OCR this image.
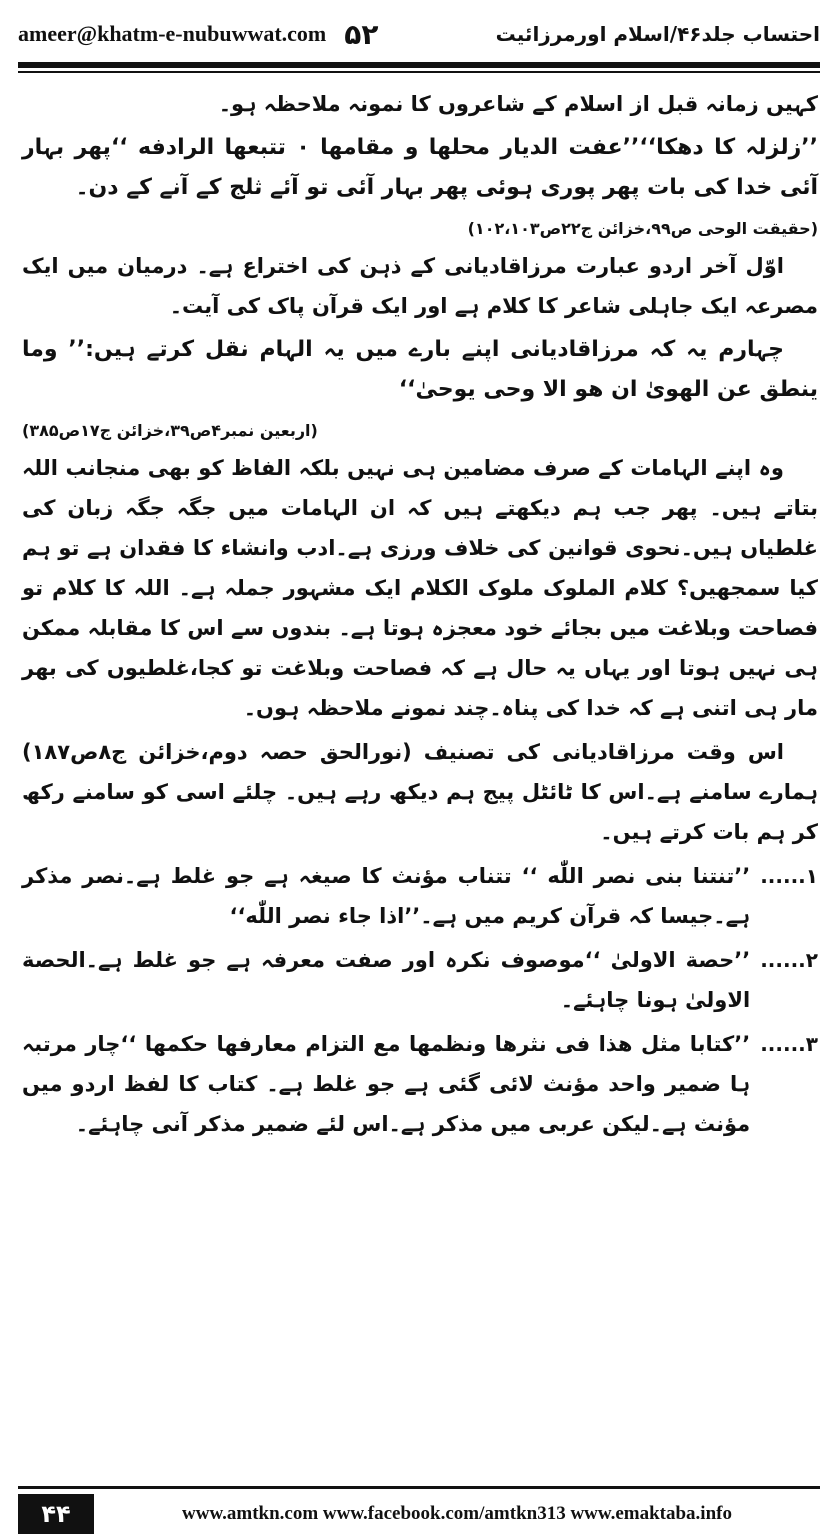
ameer@khatm-e-nubuwwat.com ۵۲	احتساب جلد۴۶/اسلام اورمرزائیت

کہیں زمانہ قبل از اسلام کے شاعروں کا نمونہ ملاحظہ ہو۔

’’زلزلہ کا دھکا‘‘’’عفت الدیار محلها و مقامها ۰ تتبعها الرادفه ‘‘پھر بہار آئی خدا کی بات پھر پوری ہوئی پھر بہار آئی تو آئے ثلج کے آنے کے دن۔

(حقیقت الوحی ص۹۹،خزائن ج۲۲ص۱۰۲،۱۰۳)

اوّل آخر اردو عبارت مرزاقادیانی کے ذہن کی اختراع ہے۔ درمیان میں ایک مصرعہ ایک جاہلی شاعر کا کلام ہے اور ایک قرآن پاک کی آیت۔

چہارم یہ کہ مرزاقادیانی اپنے بارے میں یہ الہام نقل کرتے ہیں:’’ وما ینطق عن الهویٰ ان هو الا وحی یوحیٰ‘‘

(اربعین نمبر۴ص۳۹،خزائن ج۱۷ص۳۸۵)

وہ اپنے الہامات کے صرف مضامین ہی نہیں بلکہ الفاظ کو بھی منجانب اللہ بتاتے ہیں۔ پھر جب ہم دیکھتے ہیں کہ ان الہامات میں جگہ جگہ زبان کی غلطیاں ہیں۔نحوی قوانین کی خلاف ورزی ہے۔ادب وانشاء کا فقدان ہے تو ہم کیا سمجھیں؟ کلام الملوک ملوک الکلام ایک مشہور جملہ ہے۔ اللہ کا کلام تو فصاحت وبلاغت میں بجائے خود معجزہ ہوتا ہے۔ بندوں سے اس کا مقابلہ ممکن ہی نہیں ہوتا اور یہاں یہ حال ہے کہ فصاحت وبلاغت تو کجا،غلطیوں کی بھر مار ہی اتنی ہے کہ خدا کی پناہ۔چند نمونے ملاحظہ ہوں۔

اس وقت مرزاقادیانی کی تصنیف (نورالحق حصہ دوم،خزائن ج۸ص۱۸۷) ہمارے سامنے ہے۔اس کا ٹائٹل پیج ہم دیکھ رہے ہیں۔ چلئے اسی کو سامنے رکھ کر ہم بات کرتے ہیں۔

۱......

’’تنتنا بنی نصر اللّٰه ‘‘ تتناب مؤنث کا صیغہ ہے جو غلط ہے۔نصر مذکر ہے۔جیسا کہ قرآن کریم میں ہے۔’’اذا جاء نصر اللّٰه‘‘

۲......

’’حصة الاولیٰ ‘‘موصوف نکرہ اور صفت معرفہ ہے جو غلط ہے۔الحصة الاولیٰ ہونا چاہئے۔

۳......

’’کتابا مثل هذا فی نثرها ونظمها مع التزام معارفها حکمها ‘‘چار مرتبہ ہا ضمیر واحد مؤنث لائی گئی ہے جو غلط ہے۔ کتاب کا لفظ اردو میں مؤنث ہے۔لیکن عربی میں مذکر ہے۔اس لئے ضمیر مذکر آنی چاہئے۔

۴۴	www.amtkn.com www.facebook.com/amtkn313 www.emaktaba.info
